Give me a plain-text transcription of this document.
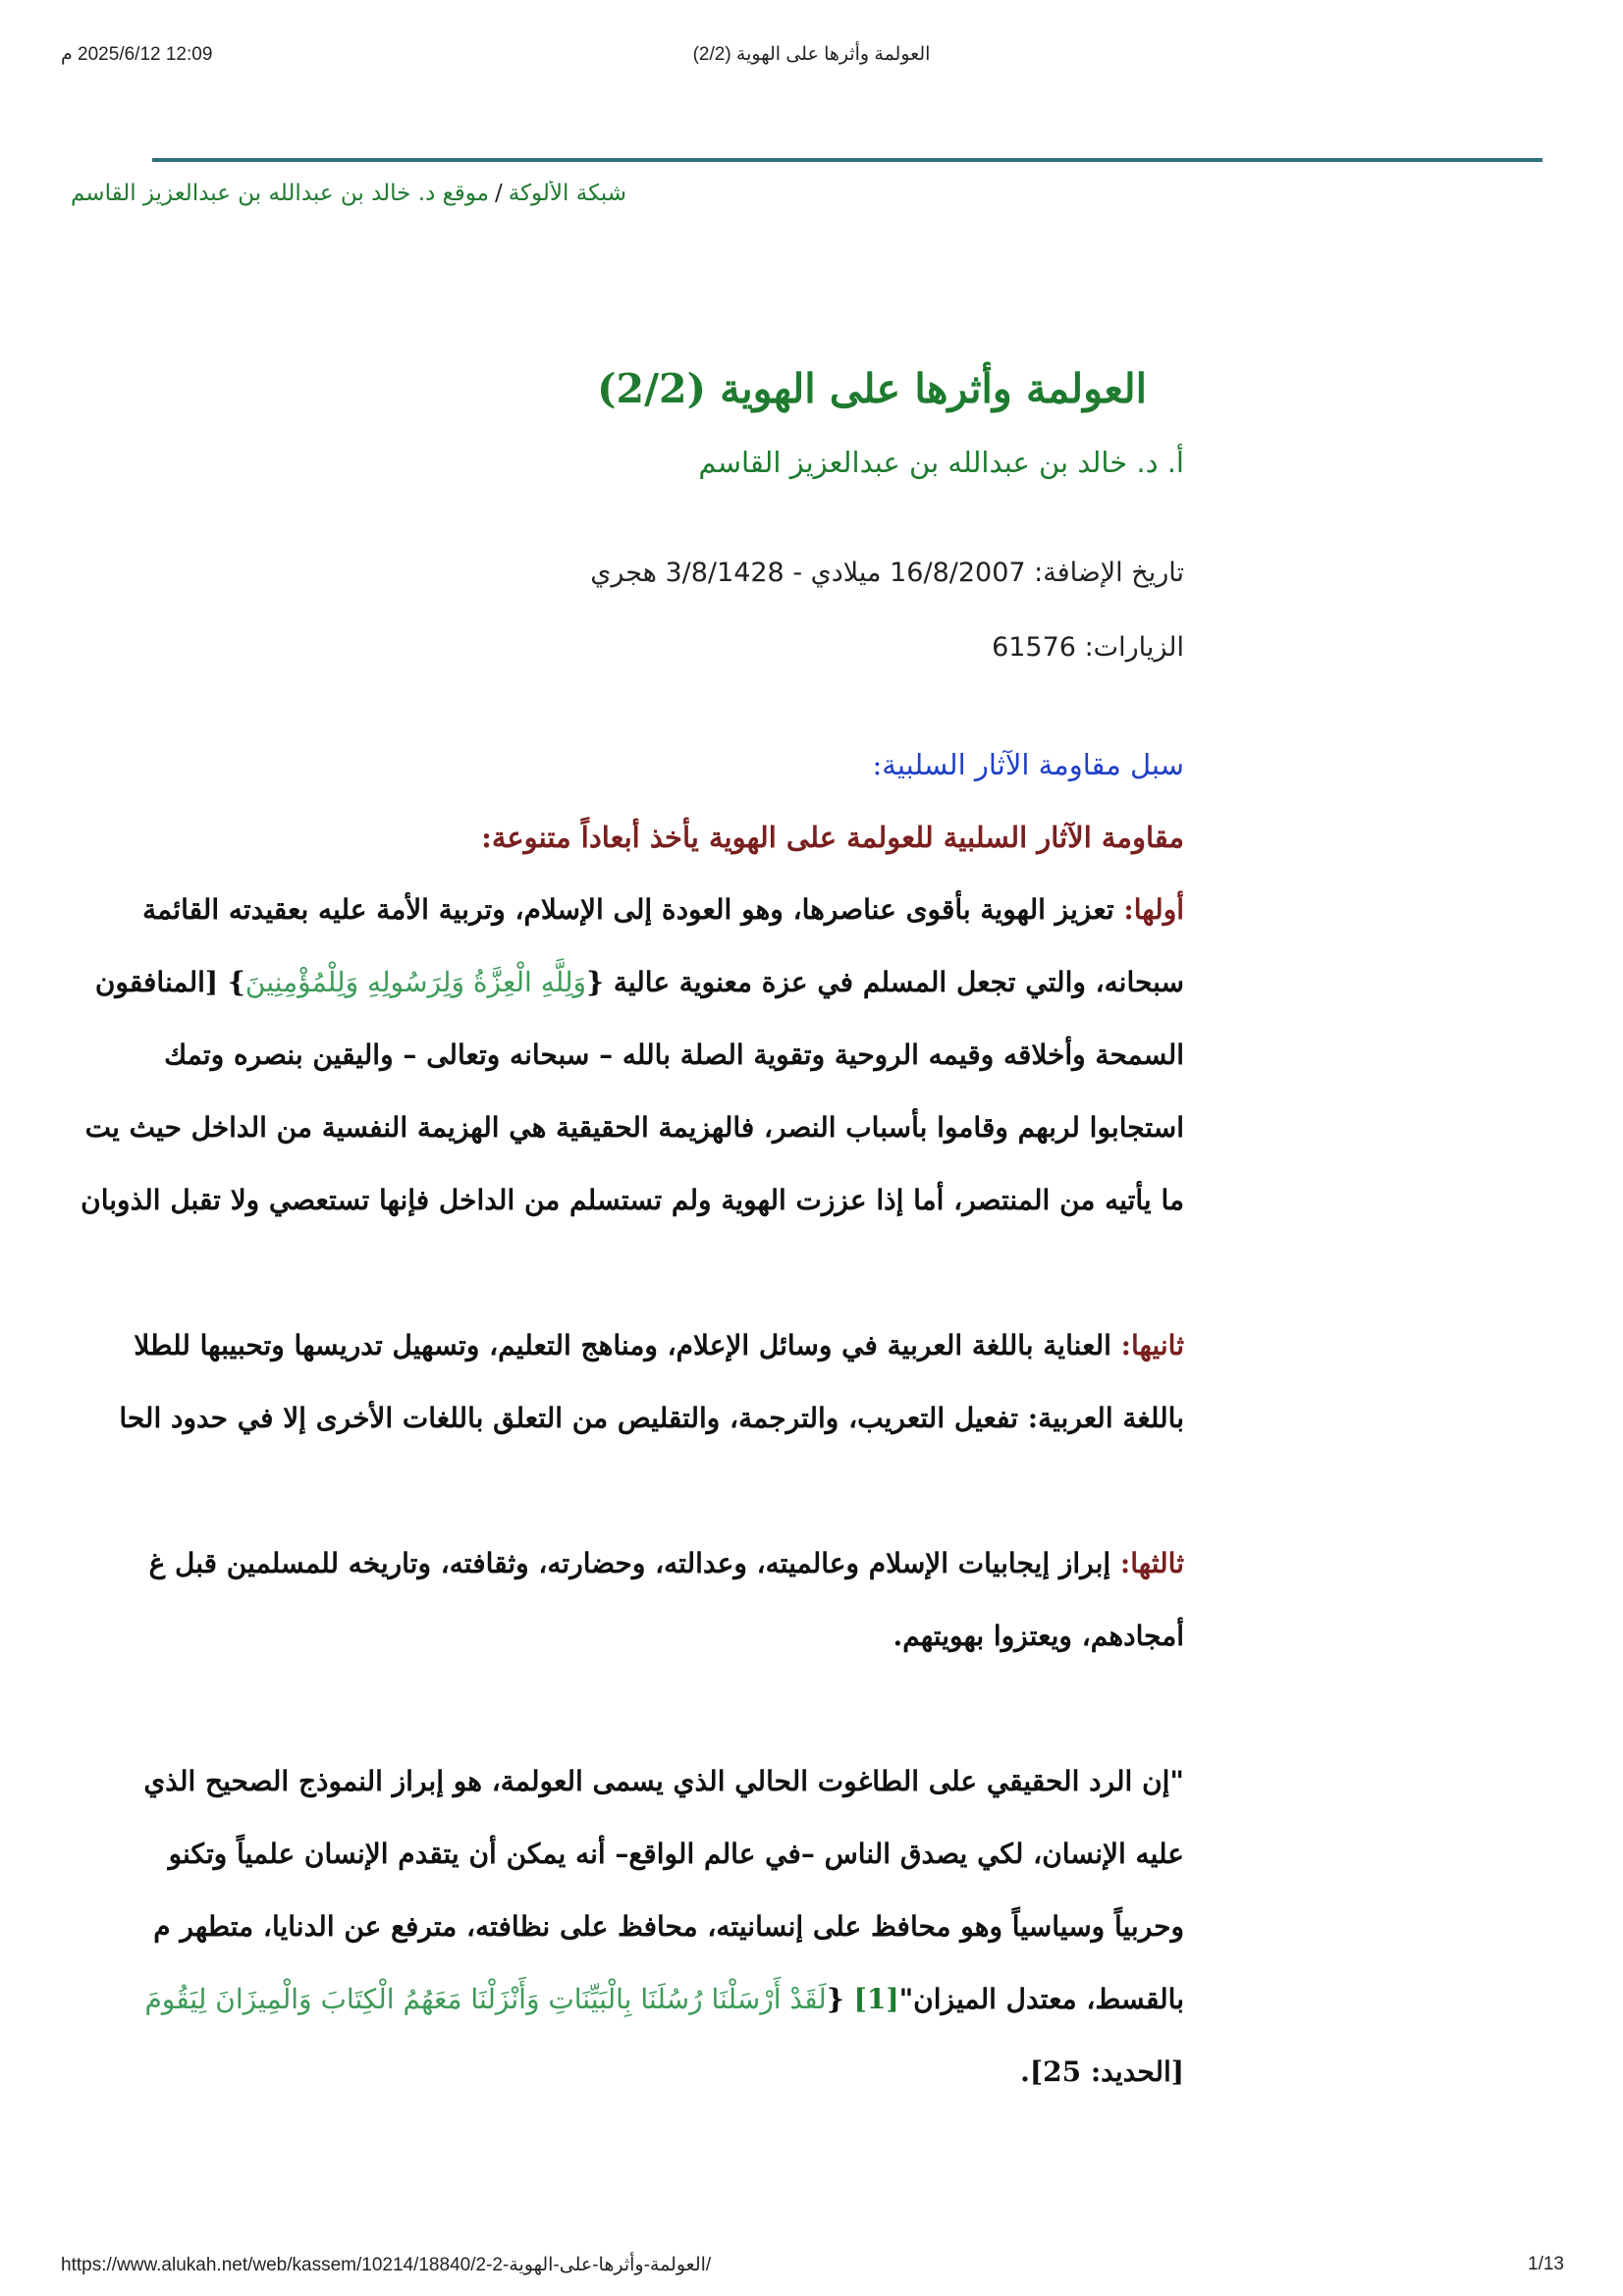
12:09 2025/6/12 م	العولمة وأثرها على الهوية (2/2)
شبكة الألوكة/موقع د. خالد بن عبدالله بن عبدالعزيز القاسم
العولمة وأثرها على الهوية (2/2)
أ. د. خالد بن عبدالله بن عبدالعزيز القاسم
تاريخ الإضافة: 16/8/2007 ميلادي - 3/8/1428 هجري
الزيارات: 61576
سبل مقاومة الآثار السلبية:
مقاومة الآثار السلبية للعولمة على الهوية يأخذ أبعاداً متنوعة:
أولها: تعزيز الهوية بأقوى عناصرها، وهو العودة إلى الإسلام، وتربية الأمة عليه بعقيدته القائمة
سبحانه، والتي تجعل المسلم في عزة معنوية عالية {وَلِلَّهِ الْعِزَّةُ وَلِرَسُولِهِ وَلِلْمُؤْمِنِينَ} [المنافقون
السمحة وأخلاقه وقيمه الروحية وتقوية الصلة بالله – سبحانه وتعالى – واليقين بنصره وتمك
استجابوا لربهم وقاموا بأسباب النصر، فالهزيمة الحقيقية هي الهزيمة النفسية من الداخل حيث يت
ما يأتيه من المنتصر، أما إذا عززت الهوية ولم تستسلم من الداخل فإنها تستعصي ولا تقبل الذوبان
ثانيها: العناية باللغة العربية في وسائل الإعلام، ومناهج التعليم، وتسهيل تدريسها وتحبيبها للطلا
باللغة العربية: تفعيل التعريب، والترجمة، والتقليص من التعلق باللغات الأخرى إلا في حدود الحا
ثالثها: إبراز إيجابيات الإسلام وعالميته، وعدالته، وحضارته، وثقافته، وتاريخه للمسلمين قبل غ
أمجادهم، ويعتزوا بهويتهم.
"إن الرد الحقيقي على الطاغوت الحالي الذي يسمى العولمة، هو إبراز النموذج الصحيح الذي
عليه الإنسان، لكي يصدق الناس –في عالم الواقع– أنه يمكن أن يتقدم الإنسان علمياً وتكنو
وحربياً وسياسياً وهو محافظ على إنسانيته، محافظ على نظافته، مترفع عن الدنايا، متطهر م
بالقسط، معتدل الميزان"[1] {لَقَدْ أَرْسَلْنَا رُسُلَنَا بِالْبَيِّنَاتِ وَأَنْزَلْنَا مَعَهُمُ الْكِتَابَ وَالْمِيزَانَ لِيَقُومَ
[الحديد: 25].
https://www.alukah.net/web/kassem/10214/18840/العولمة-وأثرها-على-الهوية-2-2/	1/13
